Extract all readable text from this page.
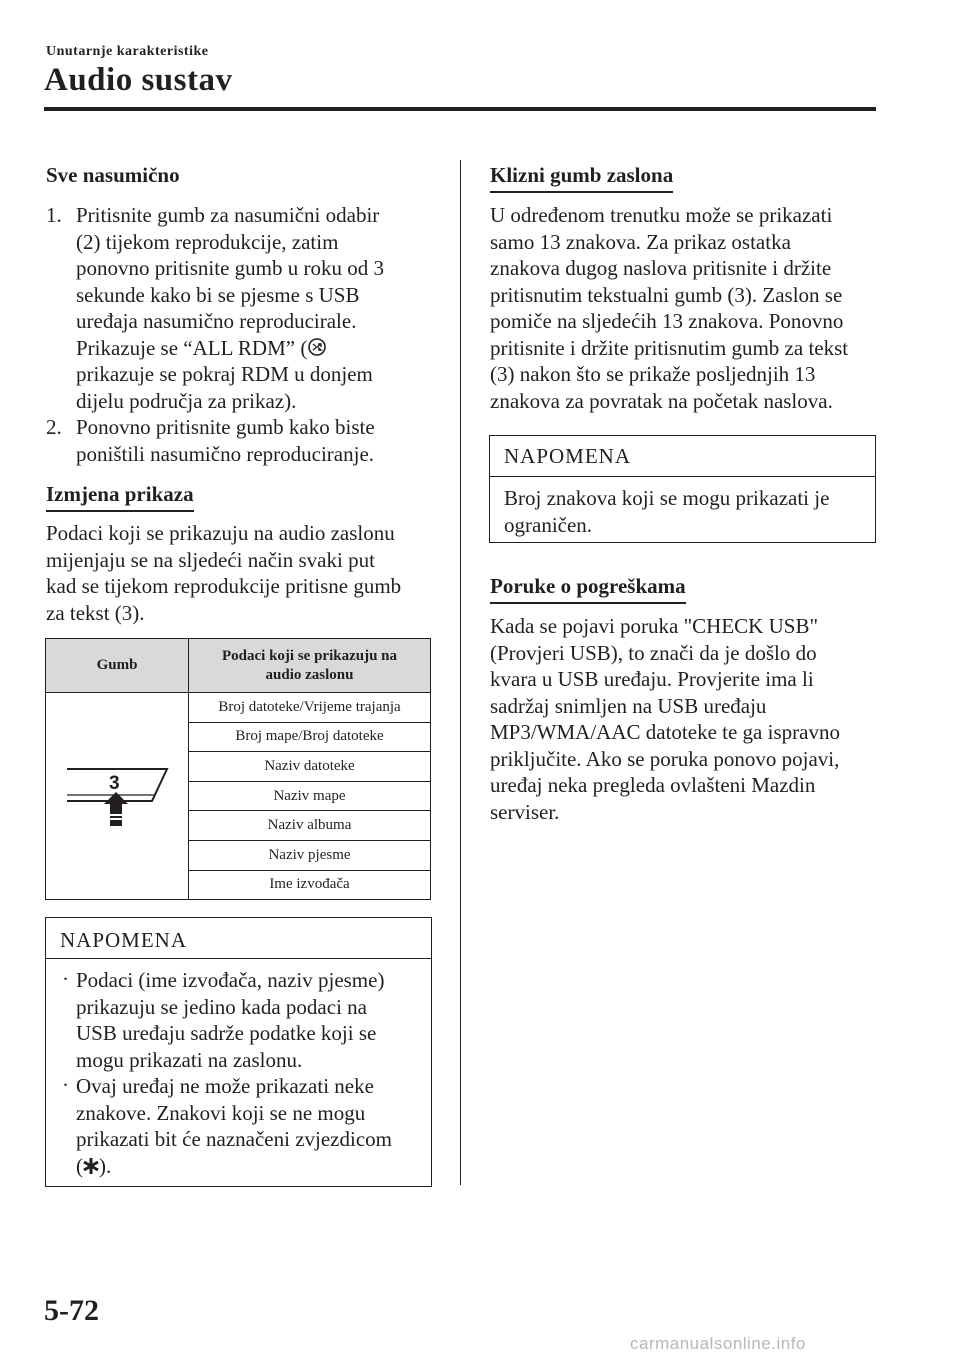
Unutarnje karakteristike
Audio sustav
Sve nasumično
1. Pritisnite gumb za nasumični odabir
(2) tijekom reprodukcije, zatim
ponovno pritisnite gumb u roku od 3
sekunde kako bi se pjesme s USB
uređaja nasumično reproducirale.
Prikazuje se “ALL RDM” (
prikazuje se pokraj RDM u donjem
dijelu područja za prikaz).
2. Ponovno pritisnite gumb kako biste
poništili nasumično reproduciranje.
Izmjena prikaza
Podaci koji se prikazuju na audio zaslonu
mijenjaju se na sljedeći način svaki put
kad se tijekom reprodukcije pritisne gumb
za tekst (3).
Gumb	Podaci koji se prikazuju na
audio zaslonu

3	Broj datoteke/Vrijeme trajanja
	Broj mape/Broj datoteke
	Naziv datoteke
	Naziv mape
	Naziv albuma
	Naziv pjesme
	Ime izvođača
NAPOMENA
· Podaci (ime izvođača, naziv pjesme)
prikazuju se jedino kada podaci na
USB uređaju sadrže podatke koji se
mogu prikazati na zaslonu.
· Ovaj uređaj ne može prikazati neke
znakove. Znakovi koji se ne mogu
prikazati bit će naznačeni zvjezdicom
( ).
Klizni gumb zaslona
U određenom trenutku može se prikazati
samo 13 znakova. Za prikaz ostatka
znakova dugog naslova pritisnite i držite
pritisnutim tekstualni gumb (3). Zaslon se
pomiče na sljedećih 13 znakova. Ponovno
pritisnite i držite pritisnutim gumb za tekst
(3) nakon što se prikaže posljednjih 13
znakova za povratak na početak naslova.
NAPOMENA
Broj znakova koji se mogu prikazati je
ograničen.
Poruke o pogreškama
Kada se pojavi poruka "CHECK USB"
(Provjeri USB), to znači da je došlo do
kvara u USB uređaju. Provjerite ima li
sadržaj snimljen na USB uređaju
MP3/WMA/AAC datoteke te ga ispravno
priključite. Ako se poruka ponovo pojavi,
uređaj neka pregleda ovlašteni Mazdin
serviser.
5-72
carmanualsonline.info
